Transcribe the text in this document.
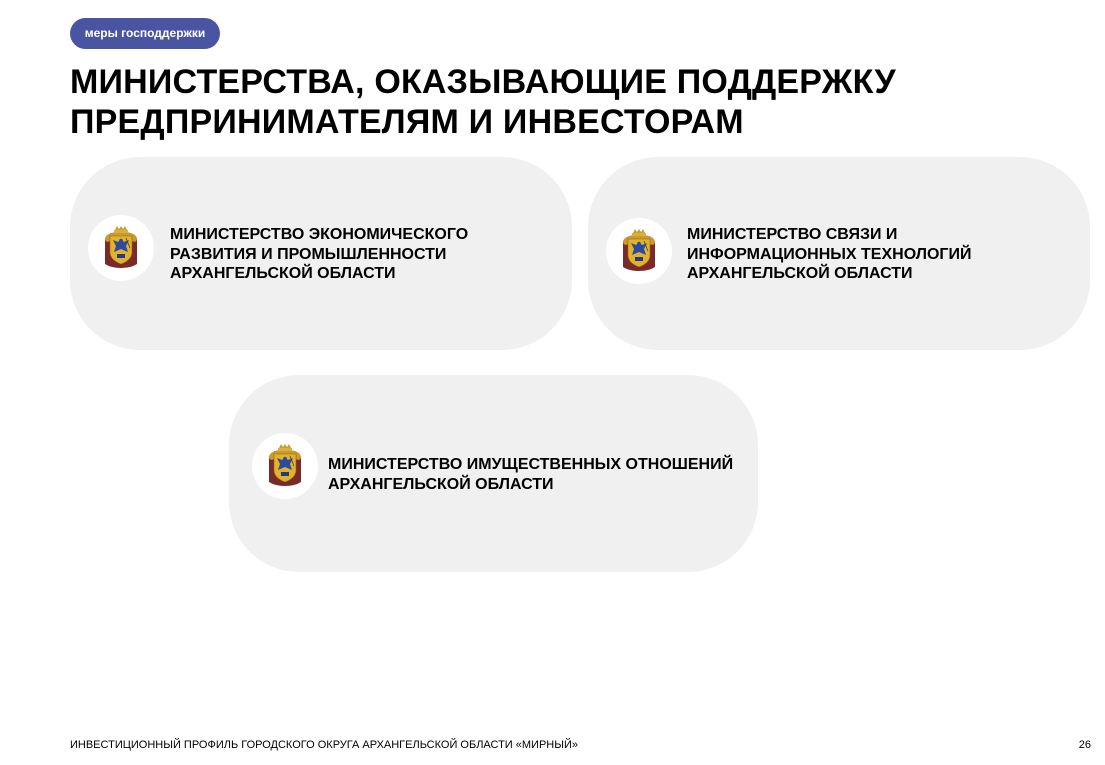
меры господдержки
МИНИСТЕРСТВА, ОКАЗЫВАЮЩИЕ ПОДДЕРЖКУ
ПРЕДПРИНИМАТЕЛЯМ И ИНВЕСТОРАМ
МИНИСТЕРСТВО ЭКОНОМИЧЕСКОГО
РАЗВИТИЯ И ПРОМЫШЛЕННОСТИ
АРХАНГЕЛЬСКОЙ ОБЛАСТИ
МИНИСТЕРСТВО СВЯЗИ И
ИНФОРМАЦИОННЫХ ТЕХНОЛОГИЙ
АРХАНГЕЛЬСКОЙ ОБЛАСТИ
МИНИСТЕРСТВО ИМУЩЕСТВЕННЫХ ОТНОШЕНИЙ
АРХАНГЕЛЬСКОЙ ОБЛАСТИ
ИНВЕСТИЦИОННЫЙ ПРОФИЛЬ ГОРОДСКОГО ОКРУГА АРХАНГЕЛЬСКОЙ ОБЛАСТИ «МИРНЫЙ»	26
